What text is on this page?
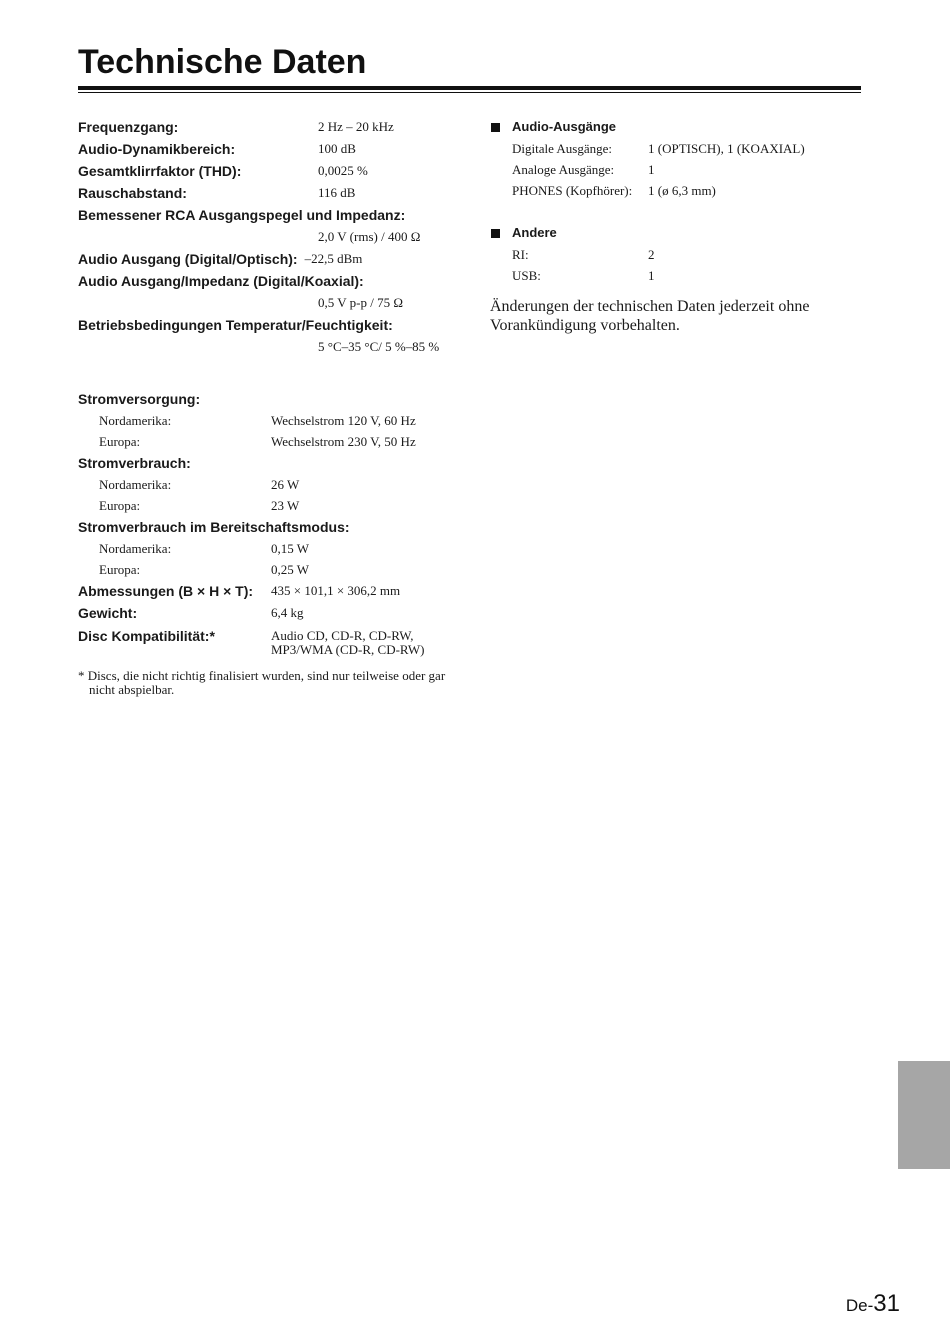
Technische Daten
Frequenzgang:	2 Hz – 20 kHz
Audio-Dynamikbereich:	100 dB
Gesamtklirrfaktor (THD):	0,0025 %
Rauschabstand:	116 dB
Bemessener RCA Ausgangspegel und Impedanz:
2,0 V (rms) / 400 Ω
Audio Ausgang (Digital/Optisch): –22,5 dBm
Audio Ausgang/Impedanz (Digital/Koaxial):
0,5 V p-p / 75 Ω
Betriebsbedingungen Temperatur/Feuchtigkeit:
5 °C–35 °C/ 5 %–85 %
Stromversorgung:
Nordamerika:	Wechselstrom 120 V, 60 Hz
Europa:	Wechselstrom 230 V, 50 Hz
Stromverbrauch:
Nordamerika:	26 W
Europa:	23 W
Stromverbrauch im Bereitschaftsmodus:
Nordamerika:	0,15 W
Europa:	0,25 W
Abmessungen (B × H × T):	435 × 101,1 × 306,2 mm
Gewicht:	6,4 kg
Disc Kompatibilität:*	Audio CD, CD-R, CD-RW,
MP3/WMA (CD-R, CD-RW)
* Discs, die nicht richtig finalisiert wurden, sind nur teilweise oder gar nicht abspielbar.
Audio-Ausgänge
Digitale Ausgänge:	1 (OPTISCH), 1 (KOAXIAL)
Analoge Ausgänge:	1
PHONES (Kopfhörer):	1 (ø 6,3 mm)
Andere
RI:	2
USB:	1
Änderungen der technischen Daten jederzeit ohne Vorankündigung vorbehalten.
De-31
